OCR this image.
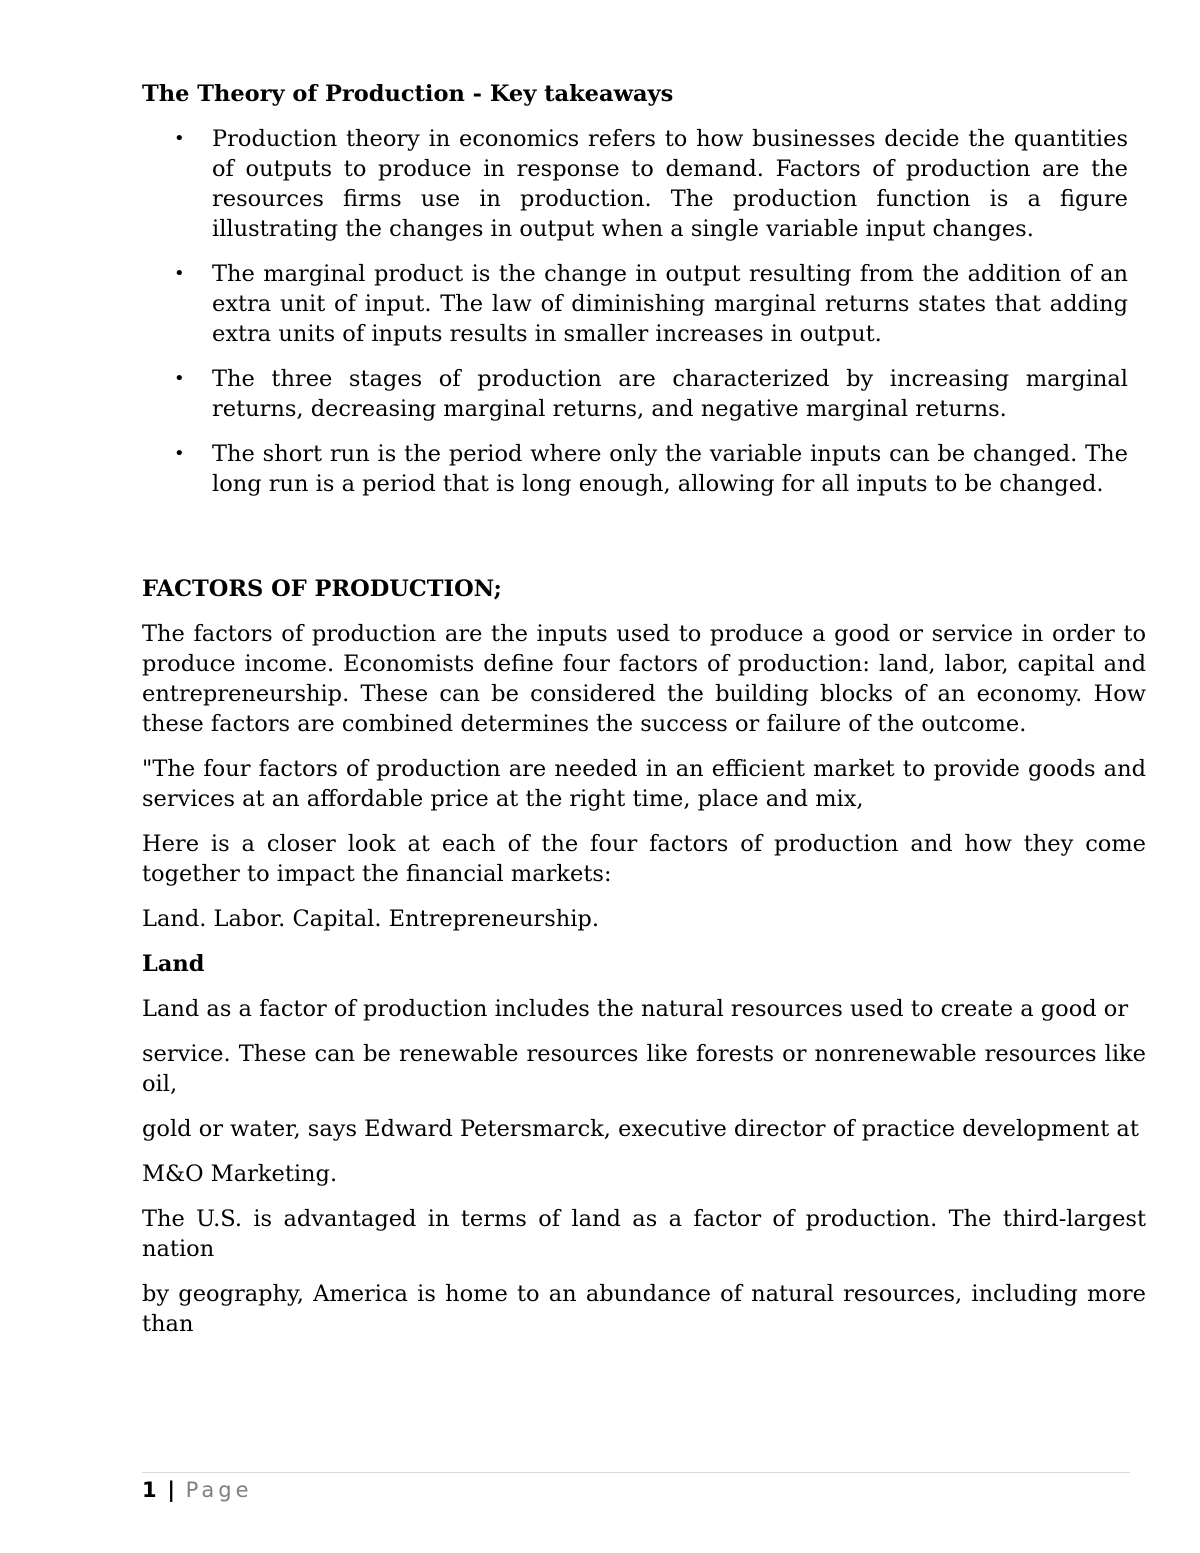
The Theory of Production - Key takeaways
• Production theory in economics refers to how businesses decide the quantities of outputs to produce in response to demand. Factors of production are the resources firms use in production. The production function is a figure illustrating the changes in output when a single variable input changes.
• The marginal product is the change in output resulting from the addition of an extra unit of input. The law of diminishing marginal returns states that adding extra units of inputs results in smaller increases in output.
• The three stages of production are characterized by increasing marginal returns, decreasing marginal returns, and negative marginal returns.
• The short run is the period where only the variable inputs can be changed. The long run is a period that is long enough, allowing for all inputs to be changed.
FACTORS OF PRODUCTION;

The factors of production are the inputs used to produce a good or service in order to produce income. Economists define four factors of production: land, labor, capital and entrepreneurship. These can be considered the building blocks of an economy. How these factors are combined determines the success or failure of the outcome.

"The four factors of production are needed in an efficient market to provide goods and services at an affordable price at the right time, place and mix,

Here is a closer look at each of the four factors of production and how they come together to impact the financial markets:

Land. Labor. Capital. Entrepreneurship.

Land

Land as a factor of production includes the natural resources used to create a good or

service. These can be renewable resources like forests or nonrenewable resources like oil,

gold or water, says Edward Petersmarck, executive director of practice development at

M&O Marketing.

The U.S. is advantaged in terms of land as a factor of production. The third-largest nation

by geography, America is home to an abundance of natural resources, including more than

1 | Page
